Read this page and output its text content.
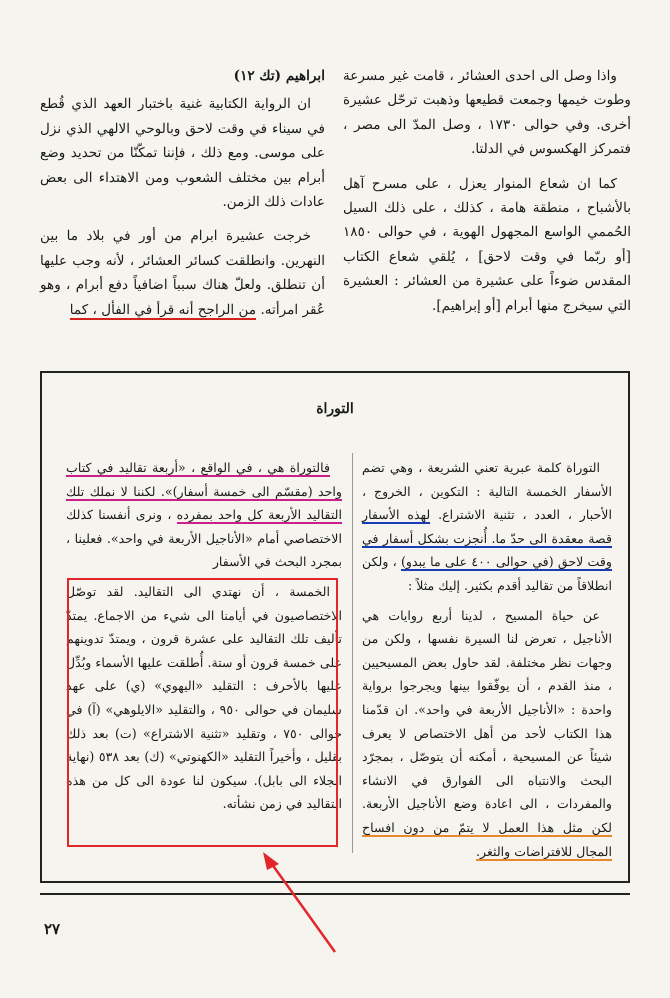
واذا وصل الى احدى العشائر ، قامت غير مسرعة وطوت خيمها وجمعت قطيعها وذهبت ترحّل عشيرة أخرى. وفي حوالى ١٧٣٠ ، وصل المدّ الى مصر ، فتمركز الهكسوس في الدلتا.

كما ان شعاع المنوار يعزل ، على مسرح آهل بالأشباح ، منطقة هامة ، كذلك ، على ذلك السيل الحُممي الواسع المجهول الهوية ، في حوالى ١٨٥٠ [أو ربّما في وقت لاحق] ، يُلقي شعاع الكتاب المقدس ضوءاً على عشيرة من العشائر : العشيرة التي سيخرج منها أبرام [أو إبراهيم].

ابراهيم (تك ١٢)

ان الرواية الكتابية غنية باختبار العهد الذي قُطع في سيناء في وقت لاحق وبالوحي الالهي الذي نزل على موسى. ومع ذلك ، فإننا تمكّنّا من تحديد وضع أبرام بين مختلف الشعوب ومن الاهتداء الى بعض عادات ذلك الزمن.

خرجت عشيرة ابرام من أور في بلاد ما بين النهرين. وانطلقت كسائر العشائر ، لأنه وجب عليها أن تنطلق. ولعلّ هناك سبباً اضافياً دفع أبرام ، وهو عُقر امرأته. من الراجح أنه قرأ في الفأل ، كما

التوراة

التوراة كلمة عبرية تعني الشريعة ، وهي تضم الأسفار الخمسة التالية : التكوين ، الخروج ، الأحبار ، العدد ، تثنية الاشتراع. لهذه الأسفار قصة معقدة الى حدّ ما. أُنجزت بشكل أسفار في وقت لاحق (في حوالى ٤٠٠ على ما يبدو) ، ولكن انطلاقاً من تقاليد أقدم بكثير. إليك مثلاً :

عن حياة المسيح ، لدينا أربع روايات هي الأناجيل ، تعرض لنا السيرة نفسها ، ولكن من وجهات نظر مختلفة. لقد حاول بعض المسيحيين ، منذ القدم ، أن يوفّقوا بينها ويجرجوا برواية واحدة : «الأناجيل الأربعة في واحد». ان قدّمنا هذا الكتاب لأحد من أهل الاختصاص لا يعرف شيئاً عن المسيحية ، أمكنه أن يتوصّل ، بمجرّد البحث والانتباه الى الفوارق في الانشاء والمفردات ، الى اعادة وضع الأناجيل الأربعة. لكن مثل هذا العمل لا يتمّ من دون افساح المجال للافتراضات والثغر.

فالتوراة هي ، في الواقع ، «أربعة تقاليد في كتاب واحد (مقسّم الى خمسة أسفار)». لكننا لا نملك تلك التقاليد الأربعة كل واحد بمفرده ، ونرى أنفسنا كذلك الاختصاصي أمام «الأناجيل الأربعة في واحد». فعلينا ، بمجرد البحث في الأسفار

الخمسة ، أن نهتدي الى التقاليد. لقد توصّل الاختصاصيون في أيامنا الى شيء من الاجماع. يمتدّ تأليف تلك التقاليد على عشرة قرون ، ويمتدّ تدوينهم على خمسة قرون أو ستة. أُطلقت عليها الأسماء وبُدِّل عليها بالأحرف : التقليد «اليهوي» (ي) على عهد سليمان في حوالى ٩٥٠ ، والتقليد «الايلوهي» (آ) في حوالى ٧٥٠ ، وتقليد «تثنية الاشتراع» (ت) بعد ذلك بقليل ، وأخيراً التقليد «الكهنوتي» (ك) بعد ٥٣٨ (نهاية الجلاء الى بابل). سيكون لنا عودة الى كل من هذه التقاليد في زمن نشأته.

٢٧
